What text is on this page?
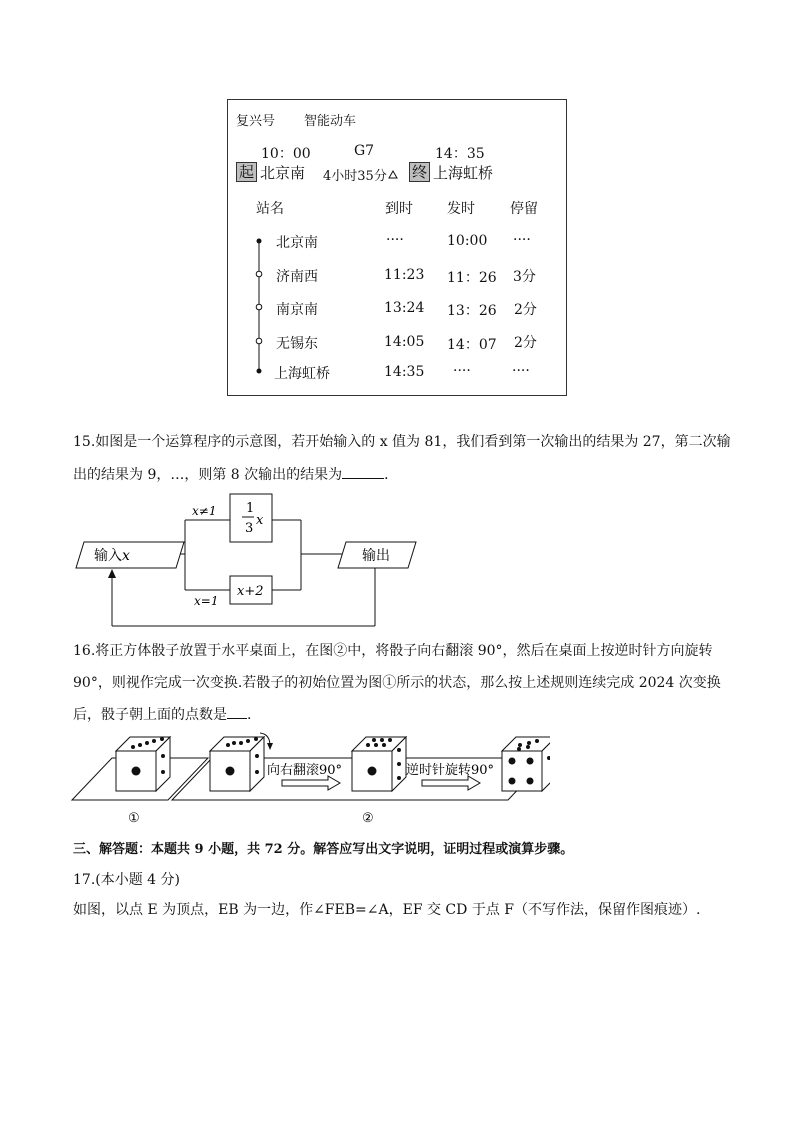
复兴号 智能动车
10：00	G7	14：35
起 北京南 4小时35分 终 上海虹桥
站名	到时 发时	停留
北京南	····	10:00 ····
济南西	11:23 11：26 3分
南京南	13:24 13：26 2分
无锡东	14:05 14：07 2分
上海虹桥	14:35 ····	····
15.如图是一个运算程序的示意图，若开始输入的 x 值为 81，我们看到第一次输出的结果为 27，第二次输
出的结果为 9，…，则第 8 次输出的结果为	．
输入x
1
3
x
x+2
x≠1
x=1
输出
16.将正方体骰子放置于水平桌面上，在图②中，将骰子向右翻滚 90°，然后在桌面上按逆时针方向旋转
90°，则视作完成一次变换.若骰子的初始位置为图①所示的状态，那么按上述规则连续完成 2024 次变换
后，骰子朝上面的点数是 .
向右翻滚90°	逆时针旋转90°
①	②
三、解答题：本题共 9 小题，共 72 分。解答应写出文字说明，证明过程或演算步骤。
17.(本小题 4 分)
如图，以点 E 为顶点，EB 为一边，作∠FEB=∠A，EF 交 CD 于点 F（不写作法，保留作图痕迹）.
